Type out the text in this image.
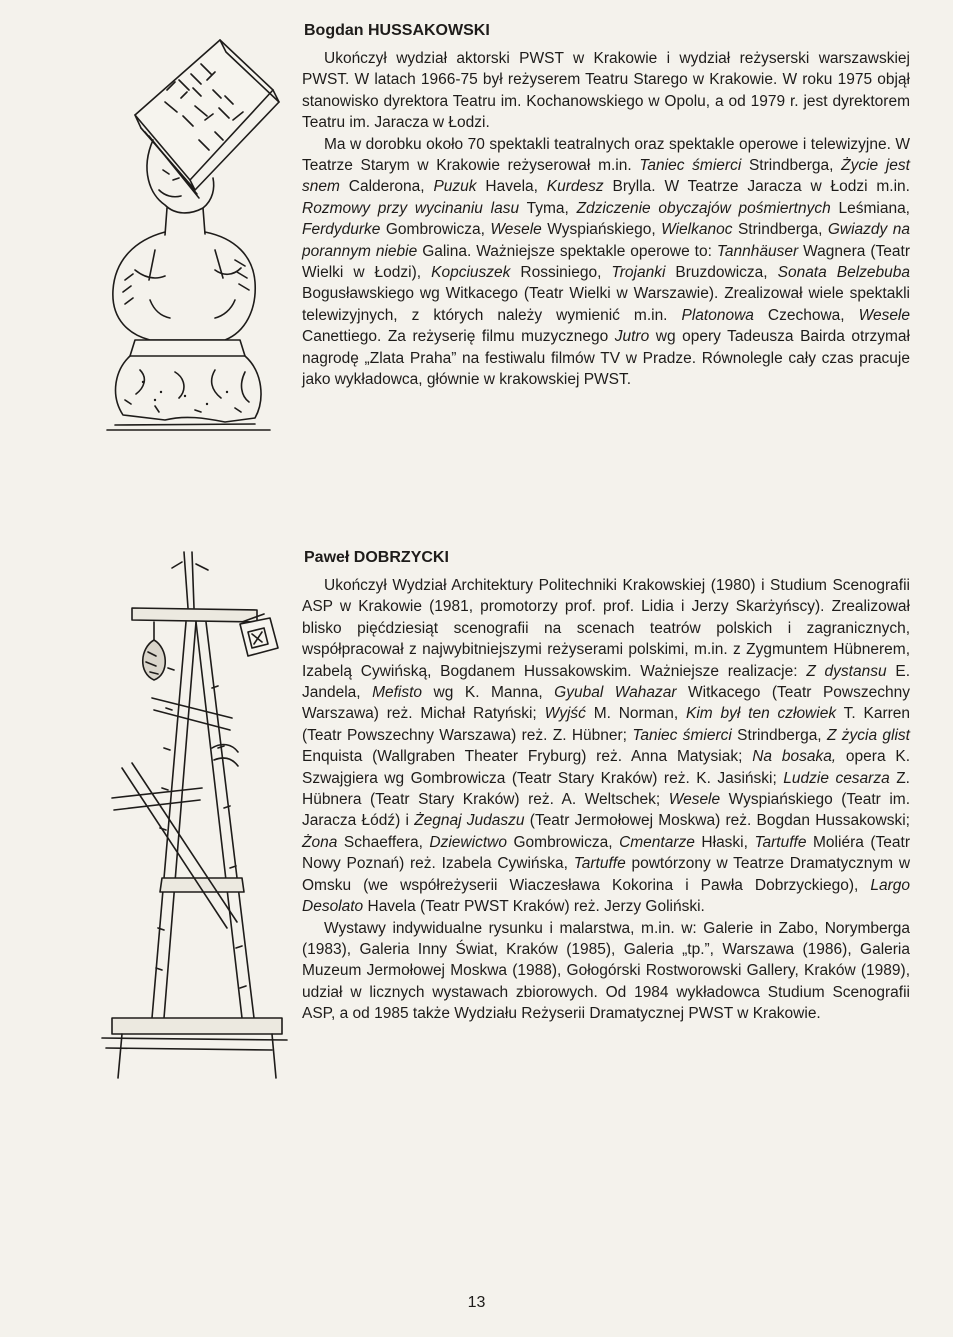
Bogdan HUSSAKOWSKI

Ukończył wydział aktorski PWST w Krakowie i wydział reżyserski warszawskiej PWST. W latach 1966-75 był reżyserem Teatru Starego w Krakowie. W roku 1975 objął stanowisko dyrektora Teatru im. Kochanowskiego w Opolu, a od 1979 r. jest dyrektorem Teatru im. Jaracza w Łodzi.

Ma w dorobku około 70 spektakli teatralnych oraz spektakle operowe i telewizyjne. W Teatrze Starym w Krakowie reżyserował m.in. Taniec śmierci Strindberga, Życie jest snem Calderona, Puzuk Havela, Kurdesz Brylla. W Teatrze Jaracza w Łodzi m.in. Rozmowy przy wycinaniu lasu Tyma, Zdziczenie obyczajów pośmiertnych Leśmiana, Ferdydurke Gombrowicza, Wesele Wyspiańskiego, Wielkanoc Strindberga, Gwiazdy na porannym niebie Galina. Ważniejsze spektakle operowe to: Tannhäuser Wagnera (Teatr Wielki w Łodzi), Kopciuszek Rossiniego, Trojanki Bruzdowicza, Sonata Belzebuba Bogusławskiego wg Witkacego (Teatr Wielki w Warszawie). Zrealizował wiele spektakli telewizyjnych, z których należy wymienić m.in. Platonowa Czechowa, Wesele Canettiego. Za reżyserię filmu muzycznego Jutro wg opery Tadeusza Bairda otrzymał nagrodę „Zlata Praha” na festiwalu filmów TV w Pradze. Równolegle cały czas pracuje jako wykładowca, głównie w krakowskiej PWST.

Paweł DOBRZYCKI

Ukończył Wydział Architektury Politechniki Krakowskiej (1980) i Studium Scenografii ASP w Krakowie (1981, promotorzy prof. prof. Lidia i Jerzy Skarżyńscy). Zrealizował blisko pięćdziesiąt scenografii na scenach teatrów polskich i zagranicznych, współpracował z najwybitniejszymi reżyserami polskimi, m.in. z Zygmuntem Hübnerem, Izabelą Cywińską, Bogdanem Hussakowskim. Ważniejsze realizacje: Z dystansu E. Jandela, Mefisto wg K. Manna, Gyubal Wahazar Witkacego (Teatr Powszechny Warszawa) reż. Michał Ratyński; Wyjść M. Norman, Kim był ten człowiek T. Karren (Teatr Powszechny Warszawa) reż. Z. Hübner; Taniec śmierci Strindberga, Z życia glist Enquista (Wallgraben Theater Fryburg) reż. Anna Matysiak; Na bosaka, opera K. Szwajgiera wg Gombrowicza (Teatr Stary Kraków) reż. K. Jasiński; Ludzie cesarza Z. Hübnera (Teatr Stary Kraków) reż. A. Weltschek; Wesele Wyspiańskiego (Teatr im. Jaracza Łódź) i Żegnaj Judaszu (Teatr Jermołowej Moskwa) reż. Bogdan Hussakowski; Żona Schaeffera, Dziewictwo Gombrowicza, Cmentarze Hłaski, Tartuffe Moliéra (Teatr Nowy Poznań) reż. Izabela Cywińska, Tartuffe powtórzony w Teatrze Dramatycznym w Omsku (we współreżyserii Wiaczesława Kokorina i Pawła Dobrzyckiego), Largo Desolato Havela (Teatr PWST Kraków) reż. Jerzy Goliński.

Wystawy indywidualne rysunku i malarstwa, m.in. w: Galerie in Zabo, Norymberga (1983), Galeria Inny Świat, Kraków (1985), Galeria „tp.”, Warszawa (1986), Galeria Muzeum Jermołowej Moskwa (1988), Gołogórski Rostworowski Gallery, Kraków (1989), udział w licznych wystawach zbiorowych. Od 1984 wykładowca Studium Scenografii ASP, a od 1985 także Wydziału Reżyserii Dramatycznej PWST w Krakowie.

13
